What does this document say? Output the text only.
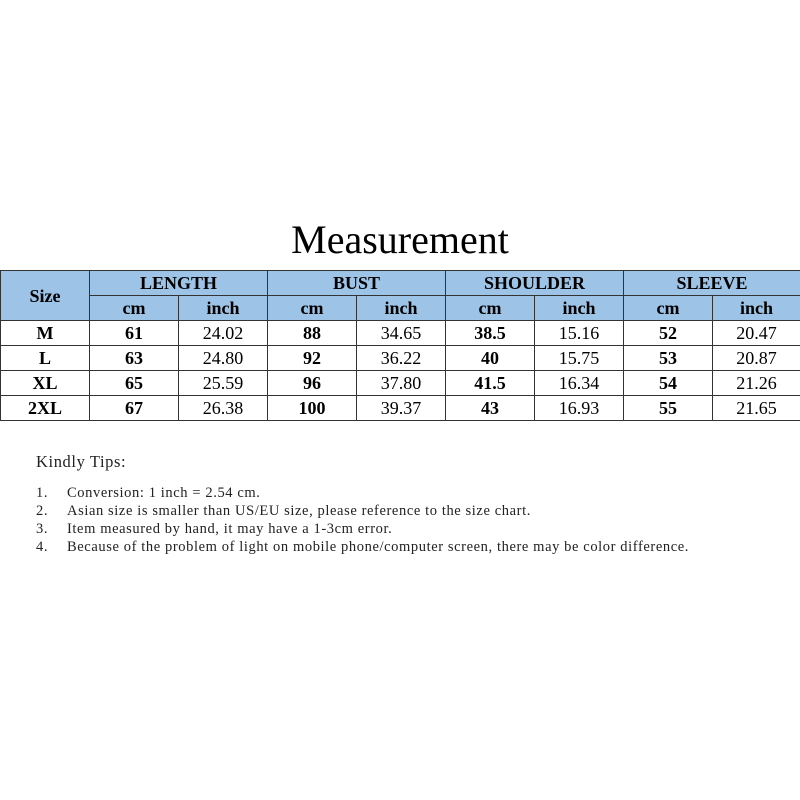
Measurement
Size	LENGTH		BUST		SHOULDER		SLEEVE	
	cm	inch	cm	inch	cm	inch	cm	inch
M	61	24.02	88	34.65	38.5	15.16	52	20.47
L	63	24.80	92	36.22	40	15.75	53	20.87
XL	65	25.59	96	37.80	41.5	16.34	54	21.26
2XL	67	26.38	100	39.37	43	16.93	55	21.65

Kindly Tips:

1. Conversion: 1 inch = 2.54 cm.
2. Asian size is smaller than US/EU size, please reference to the size chart.
3. Item measured by hand, it may have a 1-3cm error.
4. Because of the problem of light on mobile phone/computer screen, there may be color difference.
